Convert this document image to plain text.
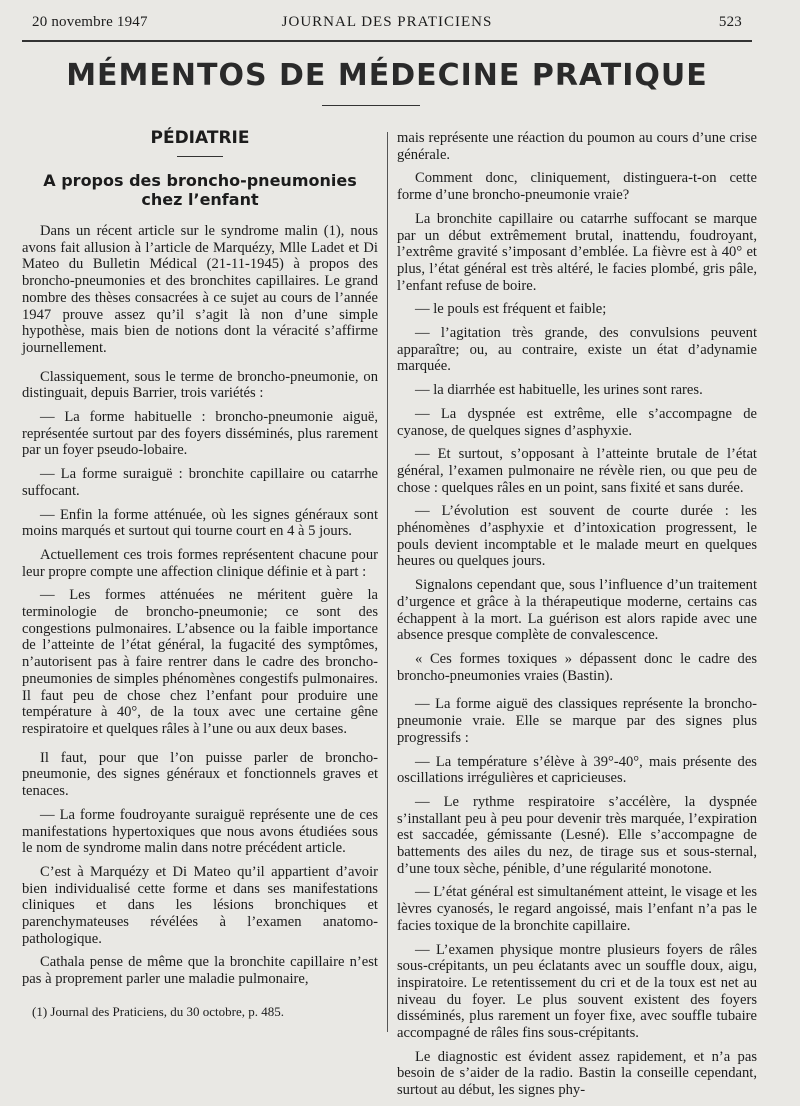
20 novembre 1947	JOURNAL DES PRATICIENS	523
MÉMENTOS DE MÉDECINE PRATIQUE
PÉDIATRIE
A propos des broncho-pneumonies chez l’enfant

Dans un récent article sur le syndrome malin (1), nous avons fait allusion à l’article de Marquézy, Mlle Ladet et Di Mateo du Bulletin Médical (21-11-1945) à propos des broncho-pneumonies et des bronchites capillaires. Le grand nombre des thèses consacrées à ce sujet au cours de l’année 1947 prouve assez qu’il s’agit là non d’une simple hypothèse, mais bien de notions dont la véracité s’affirme journellement.

Classiquement, sous le terme de broncho-pneumonie, on distinguait, depuis Barrier, trois variétés :

— La forme habituelle : broncho-pneumonie aiguë, représentée surtout par des foyers disséminés, plus rarement par un foyer pseudo-lobaire.

— La forme suraiguë : bronchite capillaire ou catarrhe suffocant.

— Enfin la forme atténuée, où les signes généraux sont moins marqués et surtout qui tourne court en 4 à 5 jours.

Actuellement ces trois formes représentent chacune pour leur propre compte une affection clinique définie et à part :

— Les formes atténuées ne méritent guère la terminologie de broncho-pneumonie; ce sont des congestions pulmonaires. L’absence ou la faible importance de l’atteinte de l’état général, la fugacité des symptômes, n’autorisent pas à faire rentrer dans le cadre des broncho-pneumonies de simples phénomènes congestifs pulmonaires. Il faut peu de chose chez l’enfant pour produire une température à 40°, de la toux avec une certaine gêne respiratoire et quelques râles à l’une ou aux deux bases.

Il faut, pour que l’on puisse parler de broncho-pneumonie, des signes généraux et fonctionnels graves et tenaces.

— La forme foudroyante suraiguë représente une de ces manifestations hypertoxiques que nous avons étudiées sous le nom de syndrome malin dans notre précédent article.

C’est à Marquézy et Di Mateo qu’il appartient d’avoir bien individualisé cette forme et dans ses manifestations cliniques et dans les lésions bronchiques et parenchymateuses révélées à l’examen anatomo-pathologique.

Cathala pense de même que la bronchite capillaire n’est pas à proprement parler une maladie pulmonaire,

(1) Journal des Praticiens, du 30 octobre, p. 485.

mais représente une réaction du poumon au cours d’une crise générale.

Comment donc, cliniquement, distinguera-t-on cette forme d’une broncho-pneumonie vraie?

La bronchite capillaire ou catarrhe suffocant se marque par un début extrêmement brutal, inattendu, foudroyant, l’extrême gravité s’imposant d’emblée. La fièvre est à 40° et plus, l’état général est très altéré, le facies plombé, gris pâle, l’enfant refuse de boire.

— le pouls est fréquent et faible;

— l’agitation très grande, des convulsions peuvent apparaître; ou, au contraire, existe un état d’adynamie marquée.

— la diarrhée est habituelle, les urines sont rares.

— La dyspnée est extrême, elle s’accompagne de cyanose, de quelques signes d’asphyxie.

— Et surtout, s’opposant à l’atteinte brutale de l’état général, l’examen pulmonaire ne révèle rien, ou que peu de chose : quelques râles en un point, sans fixité et sans durée.

— L’évolution est souvent de courte durée : les phénomènes d’asphyxie et d’intoxication progressent, le pouls devient incomptable et le malade meurt en quelques heures ou quelques jours.

Signalons cependant que, sous l’influence d’un traitement d’urgence et grâce à la thérapeutique moderne, certains cas échappent à la mort. La guérison est alors rapide avec une absence presque complète de convalescence.

« Ces formes toxiques » dépassent donc le cadre des broncho-pneumonies vraies (Bastin).

— La forme aiguë des classiques représente la broncho-pneumonie vraie. Elle se marque par des signes plus progressifs :

— La température s’élève à 39°-40°, mais présente des oscillations irrégulières et capricieuses.

— Le rythme respiratoire s’accélère, la dyspnée s’installant peu à peu pour devenir très marquée, l’expiration est saccadée, gémissante (Lesné). Elle s’accompagne de battements des ailes du nez, de tirage sus et sous-sternal, d’une toux sèche, pénible, d’une régularité monotone.

— L’état général est simultanément atteint, le visage et les lèvres cyanosés, le regard angoissé, mais l’enfant n’a pas le facies toxique de la bronchite capillaire.

— L’examen physique montre plusieurs foyers de râles sous-crépitants, un peu éclatants avec un souffle doux, aigu, inspiratoire. Le retentissement du cri et de la toux est net au niveau du foyer. Le plus souvent existent des foyers disséminés, plus rarement un foyer fixe, avec souffle tubaire accompagné de râles fins sous-crépitants.

Le diagnostic est évident assez rapidement, et n’a pas besoin de s’aider de la radio. Bastin la conseille cependant, surtout au début, les signes phy-
